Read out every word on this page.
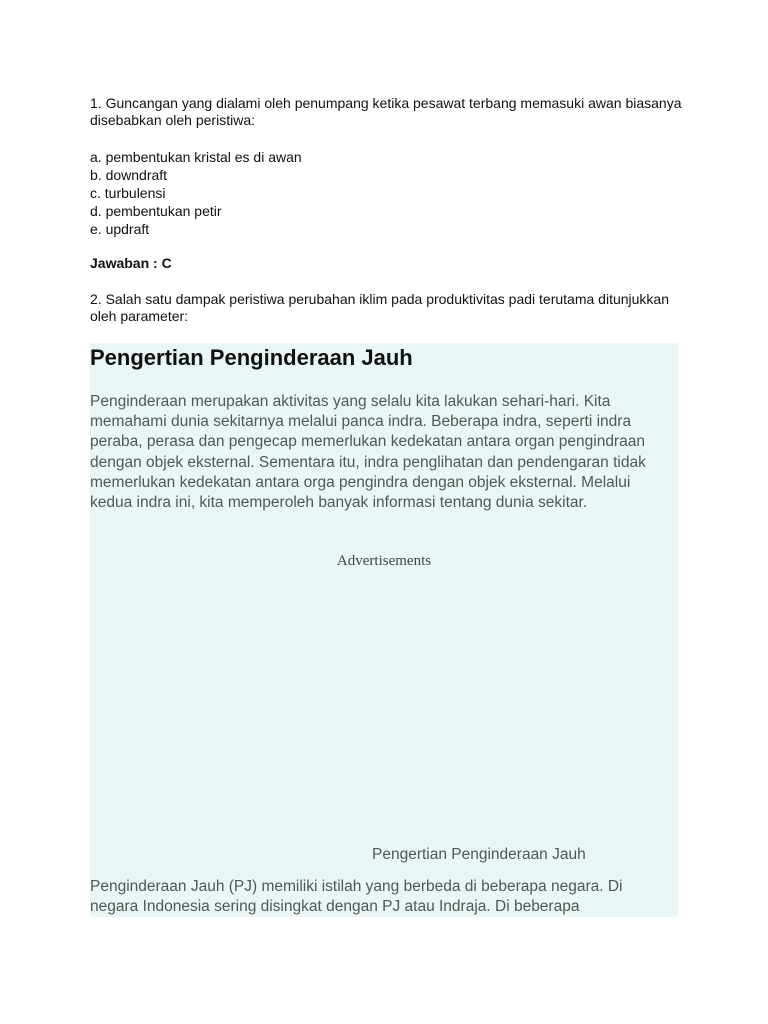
1. Guncangan yang dialami oleh penumpang ketika pesawat terbang memasuki awan biasanya disebabkan oleh peristiwa:

a. pembentukan kristal es di awan
b. downdraft
c. turbulensi
d. pembentukan petir
e. updraft
Jawaban : C
2. Salah satu dampak peristiwa perubahan iklim pada produktivitas padi terutama ditunjukkan oleh parameter:
Pengertian Penginderaan Jauh

Penginderaan merupakan aktivitas yang selalu kita lakukan sehari-hari. Kita memahami dunia sekitarnya melalui panca indra. Beberapa indra, seperti indra peraba, perasa dan pengecap memerlukan kedekatan antara organ pengindraan dengan objek eksternal. Sementara itu, indra penglihatan dan pendengaran tidak memerlukan kedekatan antara orga pengindra dengan objek eksternal. Melalui kedua indra ini, kita memperoleh banyak informasi tentang dunia sekitar.

Advertisements
Pengertian Penginderaan Jauh

Penginderaan Jauh (PJ) memiliki istilah yang berbeda di beberapa negara. Di negara Indonesia sering disingkat dengan PJ atau Indraja. Di beberapa
